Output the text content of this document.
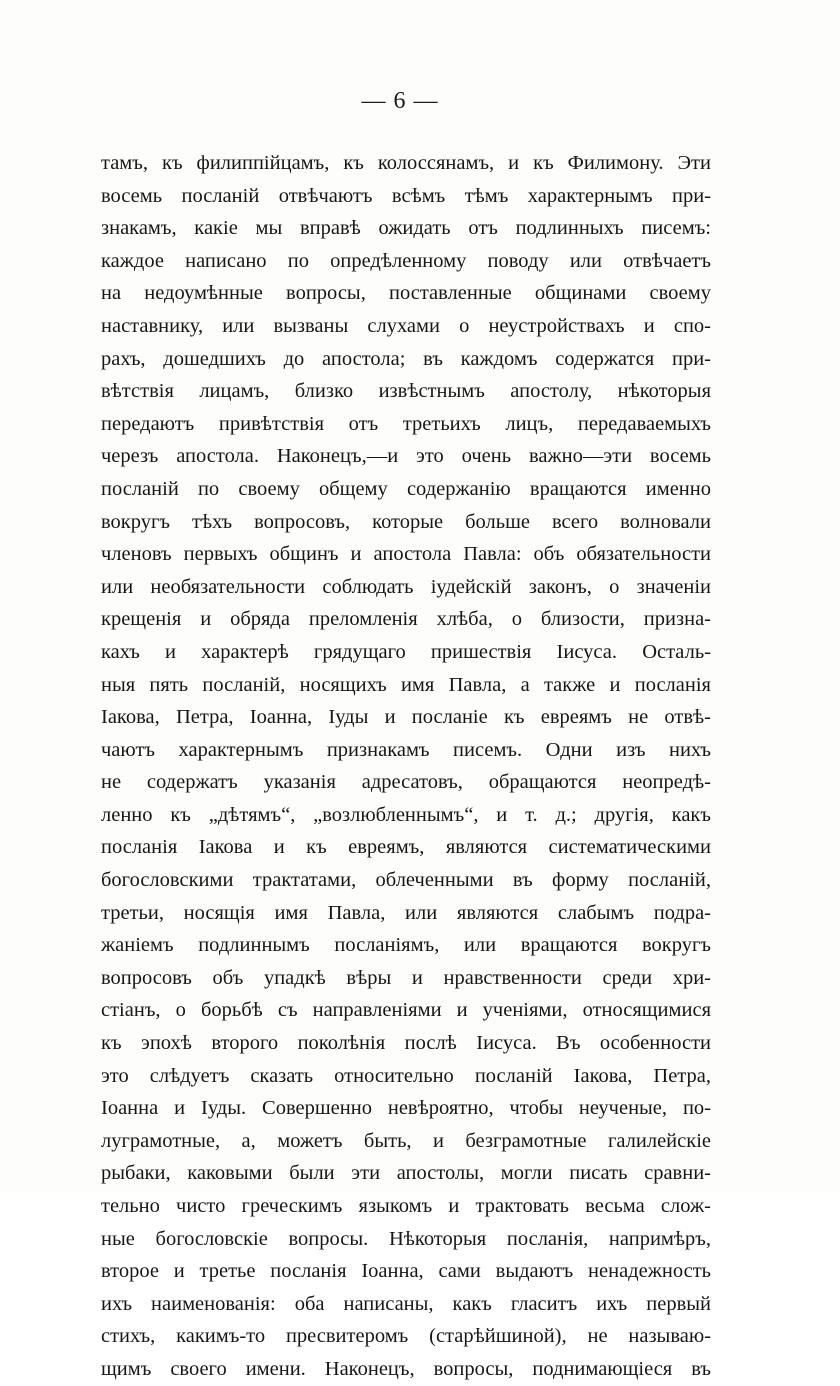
— 6 —
тамъ, къ филиппійцамъ, къ колоссянамъ, и къ Филимону. Эти
восемь посланій отвѣчаютъ всѣмъ тѣмъ характернымъ при-
знакамъ, какіе мы вправѣ ожидать отъ подлинныхъ писемъ:
каждое написано по опредѣленному поводу или отвѣчаетъ
на недоумѣнные вопросы, поставленные общинами своему
наставнику, или вызваны слухами о неустройствахъ и спо-
рахъ, дошедшихъ до апостола; въ каждомъ содержатся при-
вѣтствія лицамъ, близко извѣстнымъ апостолу, нѣкоторыя
передаютъ привѣтствія отъ третьихъ лицъ, передаваемыхъ
черезъ апостола. Наконецъ,—и это очень важно—эти восемь
посланій по своему общему содержанію вращаются именно
вокругъ тѣхъ вопросовъ, которые больше всего волновали
членовъ первыхъ общинъ и апостола Павла: объ обязательности
или необязательности соблюдать іудейскій законъ, о значеніи
крещенія и обряда преломленія хлѣба, о близости, призна-
кахъ и характерѣ грядущаго пришествія Іисуса. Осталь-
ныя пять посланій, носящихъ имя Павла, а также и посланія
Іакова, Петра, Іоанна, Іуды и посланіе къ евреямъ не отвѣ-
чаютъ характернымъ признакамъ писемъ. Одни изъ нихъ
не содержатъ указанія адресатовъ, обращаются неопредѣ-
ленно къ „дѣтямъ“, „возлюбленнымъ“, и т. д.; другія, какъ
посланія Іакова и къ евреямъ, являются систематическими
богословскими трактатами, облеченными въ форму посланій,
третьи, носящія имя Павла, или являются слабымъ подра-
жаніемъ подлиннымъ посланіямъ, или вращаются вокругъ
вопросовъ объ упадкѣ вѣры и нравственности среди хри-
стіанъ, о борьбѣ съ направленіями и ученіями, относящимися
къ эпохѣ второго поколѣнія послѣ Іисуса. Въ особенности
это слѣдуетъ сказать относительно посланій Іакова, Петра,
Іоанна и Іуды. Совершенно невѣроятно, чтобы неученые, по-
луграмотные, а, можетъ быть, и безграмотные галилейскіе
рыбаки, каковыми были эти апостолы, могли писать сравни-
тельно чисто греческимъ языкомъ и трактовать весьма слож-
ные богословскіе вопросы. Нѣкоторыя посланія, напримѣръ,
второе и третье посланія Іоанна, сами выдаютъ ненадежность
ихъ наименованія: оба написаны, какъ гласитъ ихъ первый
стихъ, какимъ-то пресвитеромъ (старѣйшиной), не называю-
щимъ своего имени. Наконецъ, вопросы, поднимающіеся въ
